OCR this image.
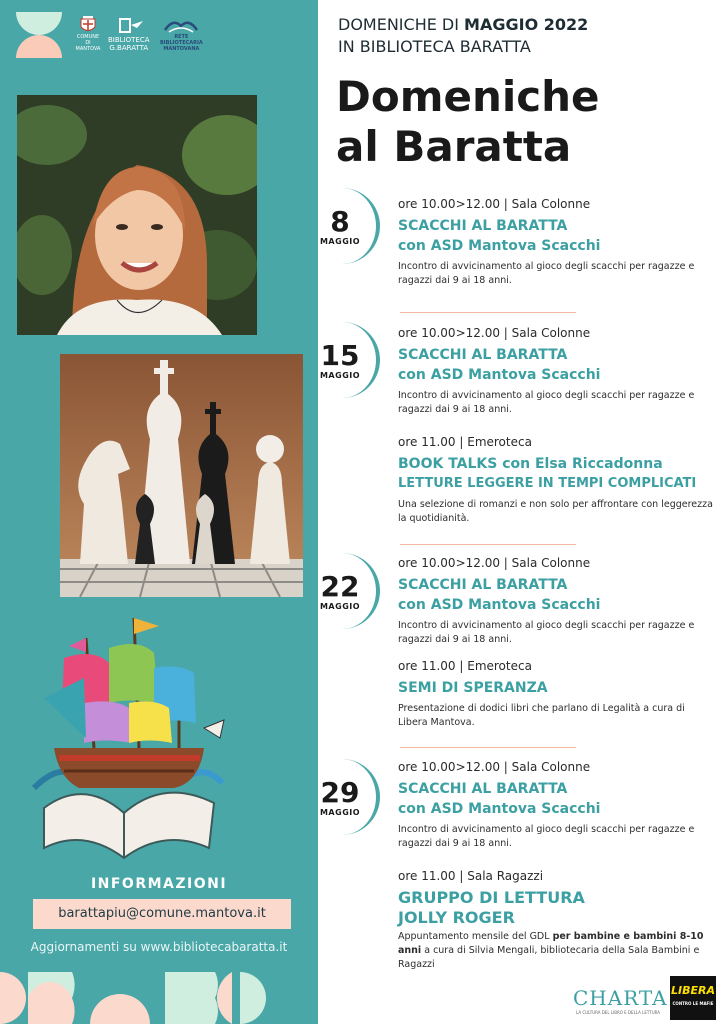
COMUNE DI MANTOVA
BIBLIOTECA
G.BARATTA
RETE
BIBLIOTECARIA
MANTOVANA
INFORMAZIONI
barattapiu@comune.mantova.it
Aggiornamenti su www.bibliotecabaratta.it
DOMENICHE DI MAGGIO 2022
IN BIBLIOTECA BARATTA
Domeniche
al Baratta
8
MAGGIO
15
MAGGIO
22
MAGGIO
29
MAGGIO
ore 10.00>12.00 | Sala Colonne
SCACCHI AL BARATTA
con ASD Mantova Scacchi
Incontro di avvicinamento al gioco degli scacchi per ragazze e ragazzi dai 9 ai 18 anni.
ore 10.00>12.00 | Sala Colonne
SCACCHI AL BARATTA
con ASD Mantova Scacchi
Incontro di avvicinamento al gioco degli scacchi per ragazze e ragazzi dai 9 ai 18 anni.
ore 11.00 | Emeroteca
BOOK TALKS con Elsa Riccadonna
LETTURE LEGGERE IN TEMPI COMPLICATI
Una selezione di romanzi e non solo per affrontare con leggerezza la quotidianità.
ore 10.00>12.00 | Sala Colonne
SCACCHI AL BARATTA
con ASD Mantova Scacchi
Incontro di avvicinamento al gioco degli scacchi per ragazze e ragazzi dai 9 ai 18 anni.
ore 11.00 | Emeroteca
SEMI DI SPERANZA
Presentazione di dodici libri che parlano di Legalità a cura di Libera Mantova.
ore 10.00>12.00 | Sala Colonne
SCACCHI AL BARATTA
con ASD Mantova Scacchi
Incontro di avvicinamento al gioco degli scacchi per ragazze e ragazzi dai 9 ai 18 anni.
ore 11.00 | Sala Ragazzi
GRUPPO DI LETTURA
JOLLY ROGER
Appuntamento mensile del GDL per bambine e bambini 8-10 anni a cura di Silvia Mengali, bibliotecaria della Sala Bambini e Ragazzi
CHARTA
LA CULTURA DEL LIBRO E DELLA LETTURA
LIBERA
CONTRO LE MAFIE
